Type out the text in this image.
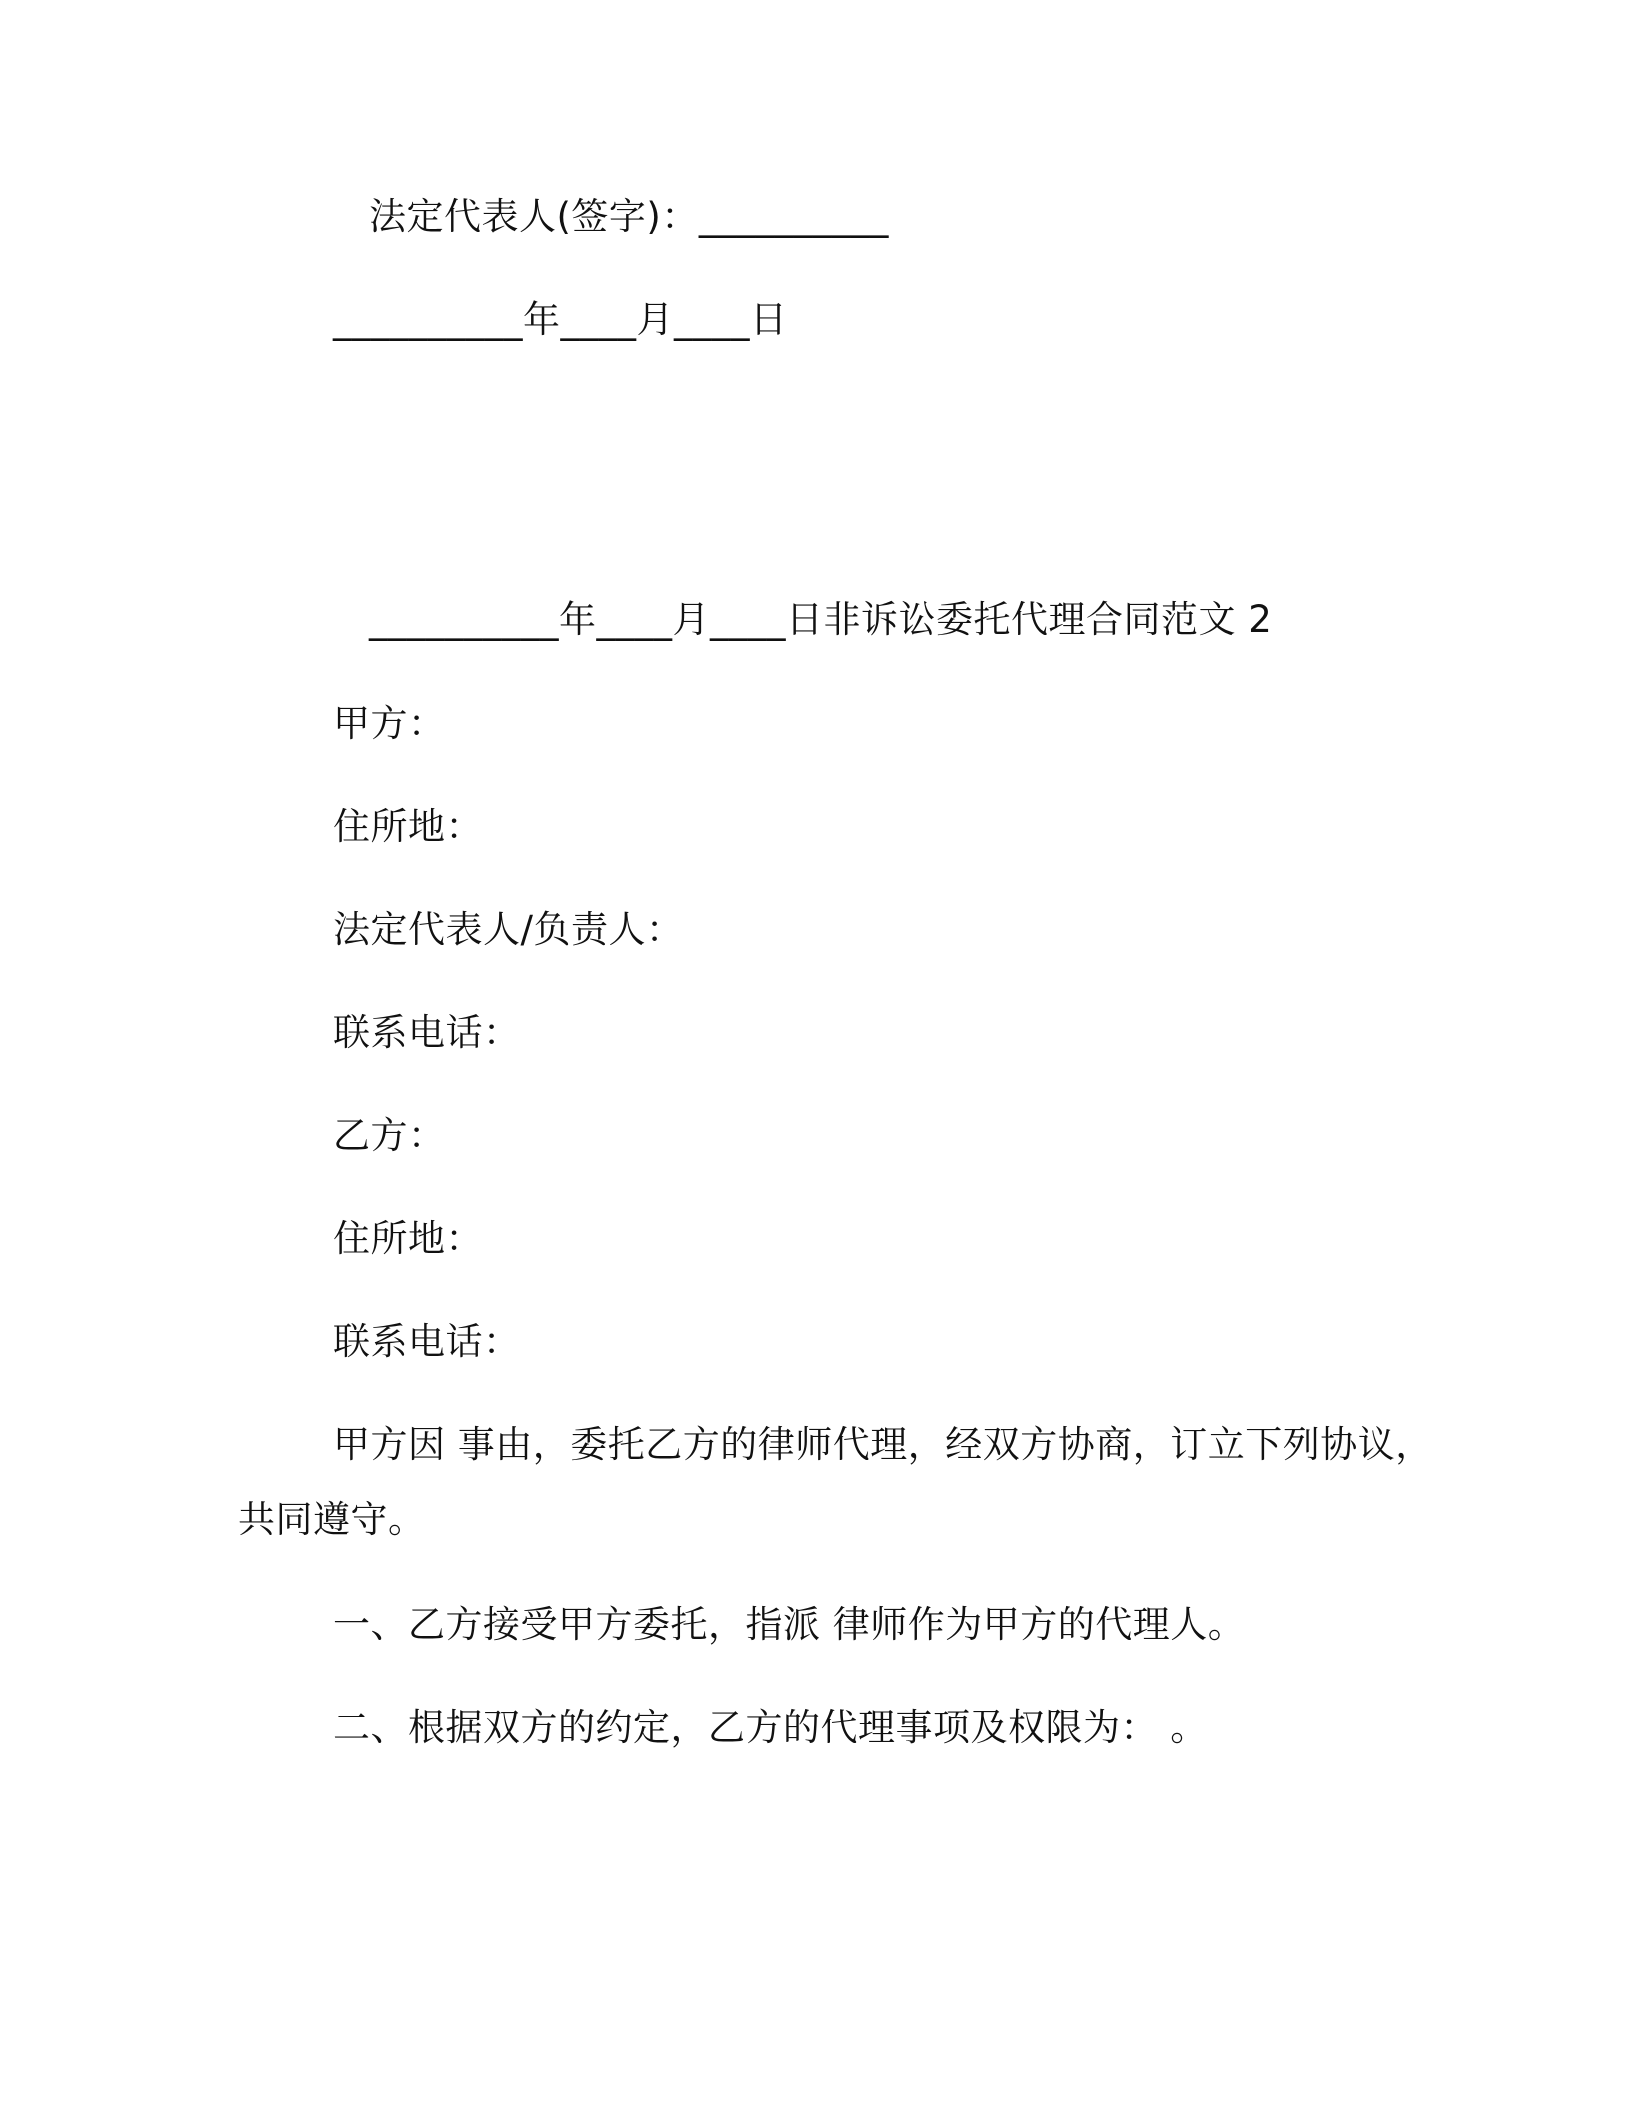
法定代表人(签字)：__________
__________年____月____日
__________年____月____日非诉讼委托代理合同范文 2
甲方：
住所地：
法定代表人/负责人：
联系电话：
乙方：
住所地：
联系电话：
甲方因 事由，委托乙方的律师代理，经双方协商，订立下列协议，
共同遵守。
一、乙方接受甲方委托，指派 律师作为甲方的代理人。
二、根据双方的约定，乙方的代理事项及权限为： 。
